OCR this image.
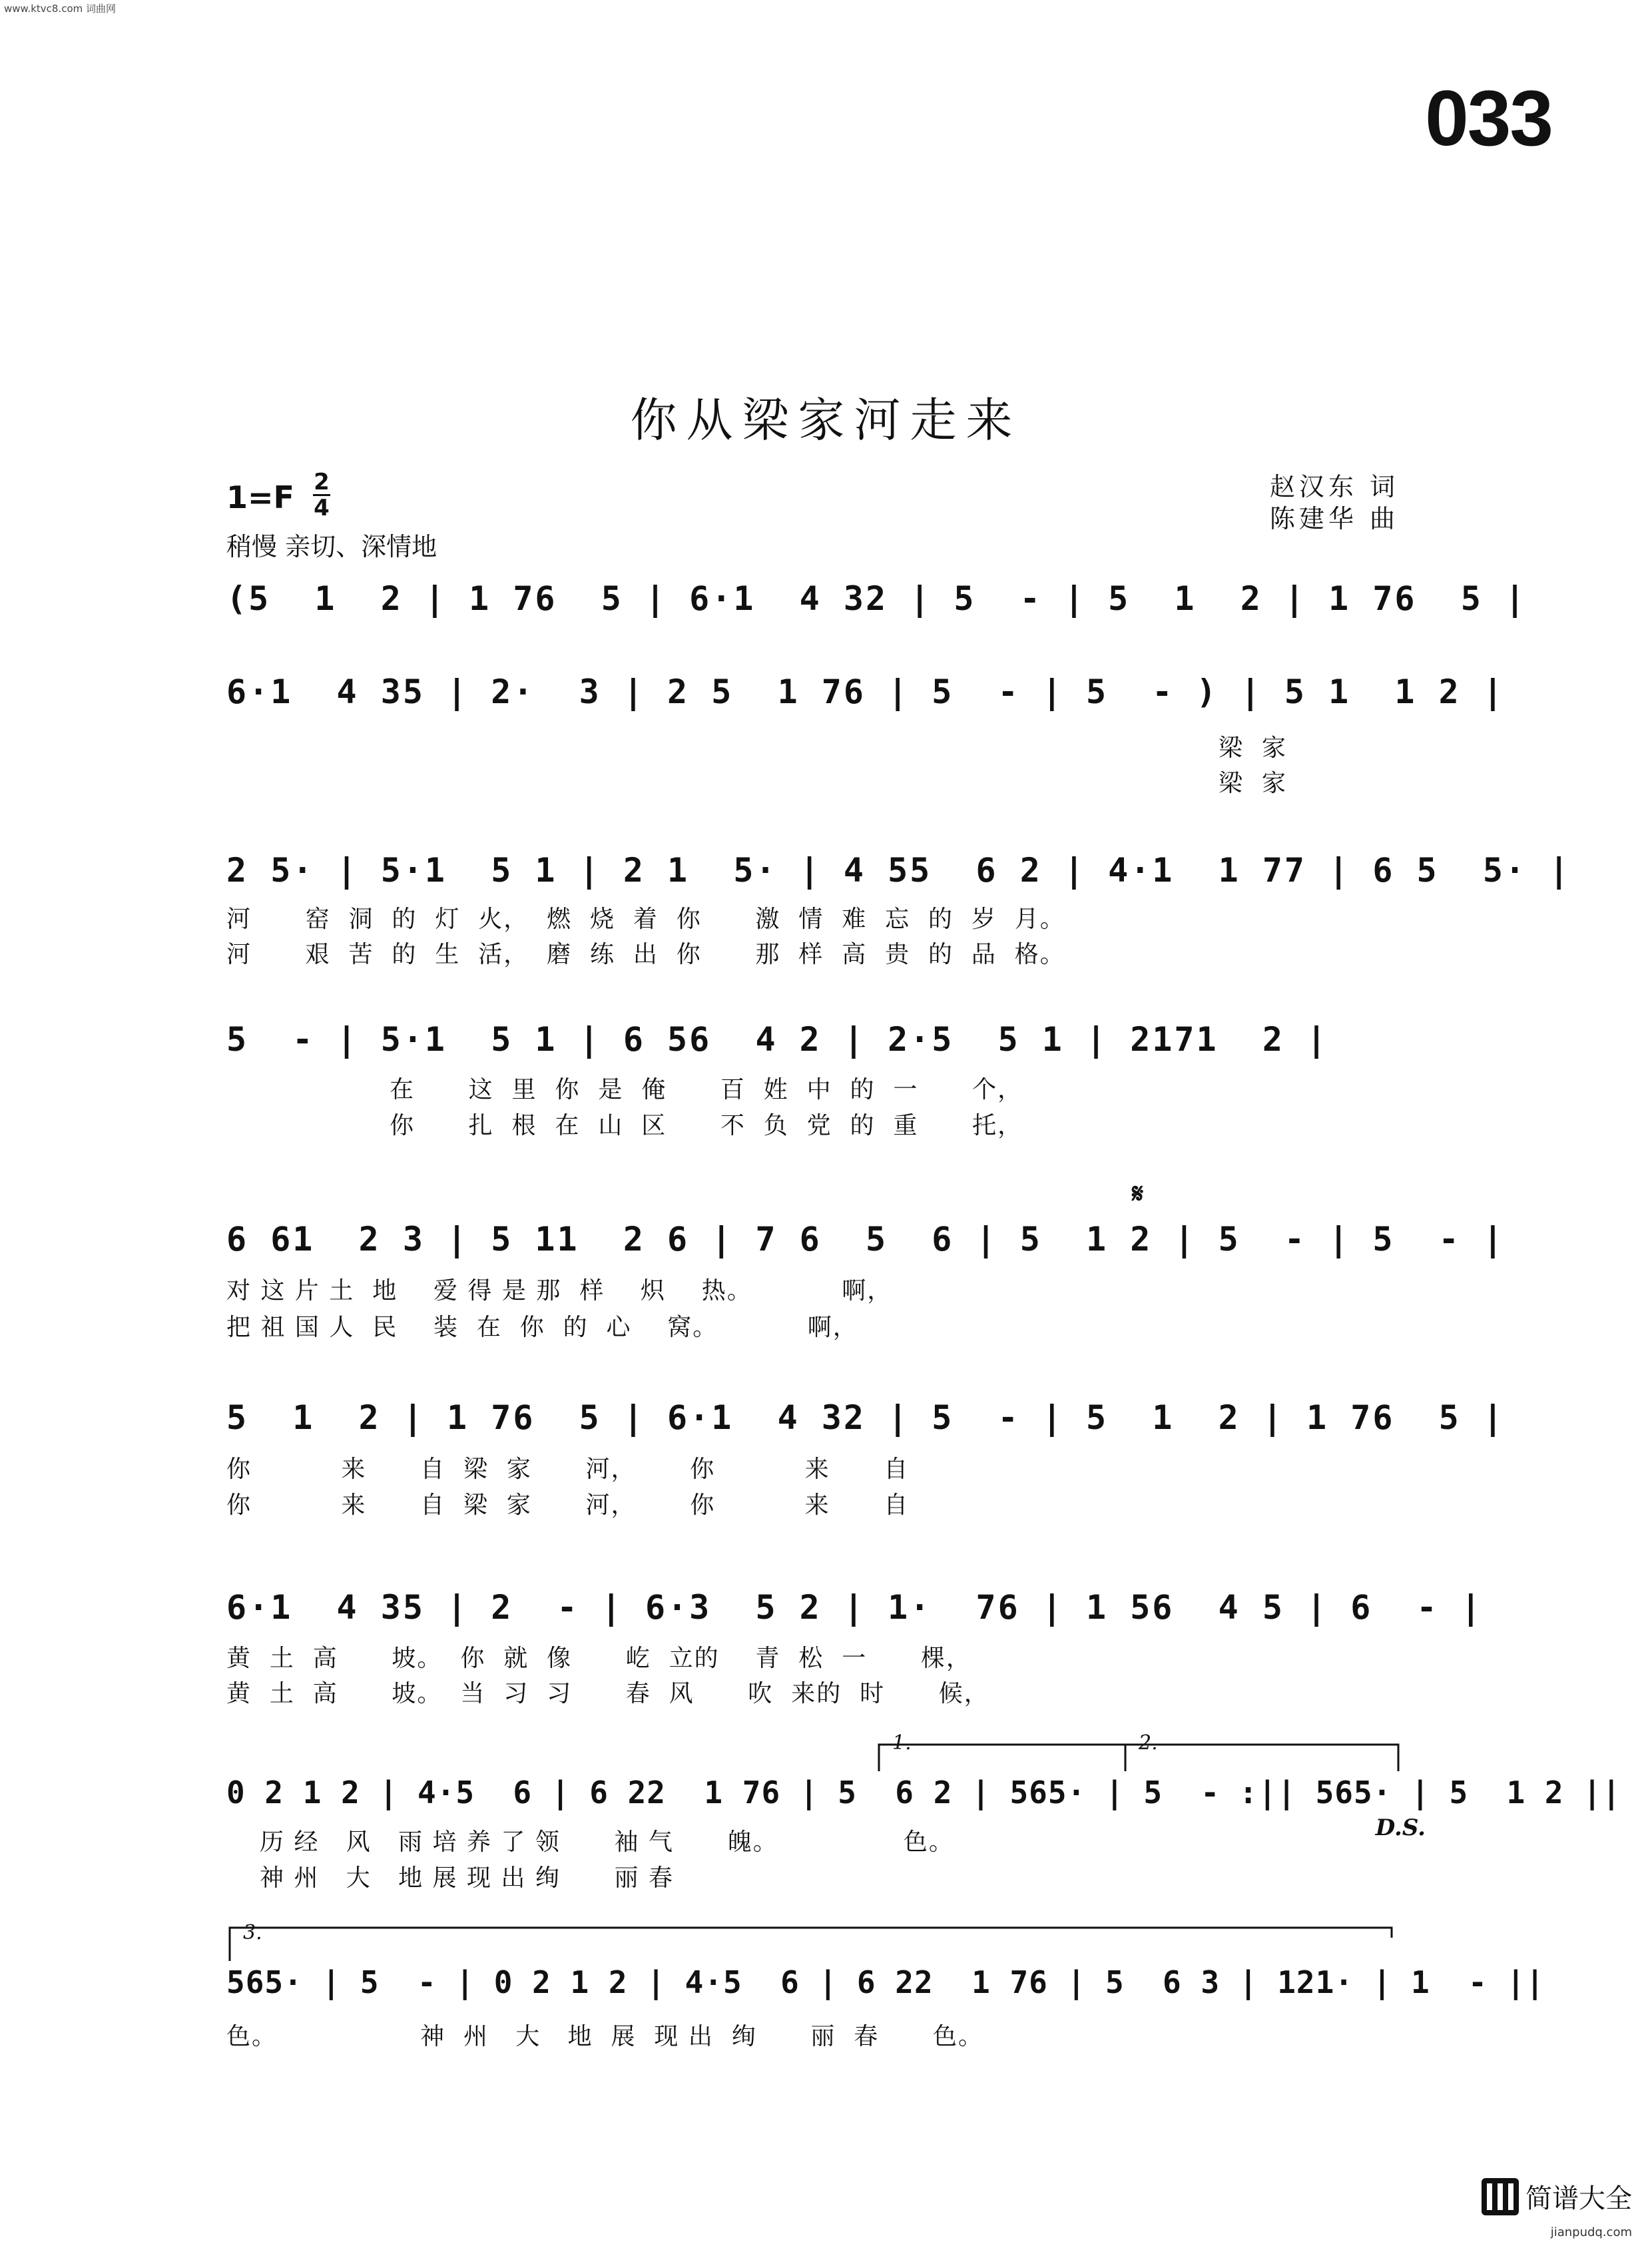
www.ktvc8.com 词曲网
033
你从梁家河走来
1=F 2
4
稍慢 亲切、深情地
赵汉东 词
陈建华 曲
𝄋
D.S.
1.	2.
3.
(5  1  2 | 1 76  5 | 6·1  4 32 | 5  - | 5  1  2 | 1 76  5 |
6·1  4 35 | 2·  3 | 2 5  1 76 | 5  - | 5  - ) | 5 1  1 2 |
梁  家
梁  家
2 5· | 5·1  5 1 | 2 1  5· | 4 55  6 2 | 4·1  1 77 | 6 5  5· |
河      窑  洞  的  灯  火，  燃  烧  着  你      激  情  难  忘  的  岁  月。
河      艰  苦  的  生  活，  磨  练  出  你      那  样  高  贵  的  品  格。
5  - | 5·1  5 1 | 6 56  4 2 | 2·5  5 1 | 2171  2 |
在      这  里  你  是  俺      百  姓  中  的  一      个，
你      扎  根  在  山  区      不  负  党  的  重      托，
6 61  2 3 | 5 11  2 6 | 7 6  5  6 | 5  1 2 | 5  - | 5  - |
对 这 片 土  地    爱 得 是 那  样    炽    热。          啊，
把 祖 国 人  民    装  在  你  的  心    窝。          啊，
5  1  2 | 1 76  5 | 6·1  4 32 | 5  - | 5  1  2 | 1 76  5 |
你          来      自  梁  家      河，      你          来      自
你          来      自  梁  家      河，      你          来      自
6·1  4 35 | 2  - | 6·3  5 2 | 1·  76 | 1 56  4 5 | 6  - |
黄  土  高      坡。  你  就  像      屹  立的    青  松  一      棵，
黄  土  高      坡。  当  习  习      春  风      吹  来的  时      候，
0 2 1 2 | 4·5  6 | 6 22  1 76 | 5  6 2 | 565· | 5  - :|| 565· | 5  1 2 ||
历 经   风   雨 培 养 了 领      袖 气      魄。              色。
神 州   大   地 展 现 出 绚      丽 春
565· | 5  - | 0 2 1 2 | 4·5  6 | 6 22  1 76 | 5  6 3 | 121· | 1  - ||
色。                神  州   大   地  展  现 出  绚      丽  春      色。
简谱大全
jianpudq.com
